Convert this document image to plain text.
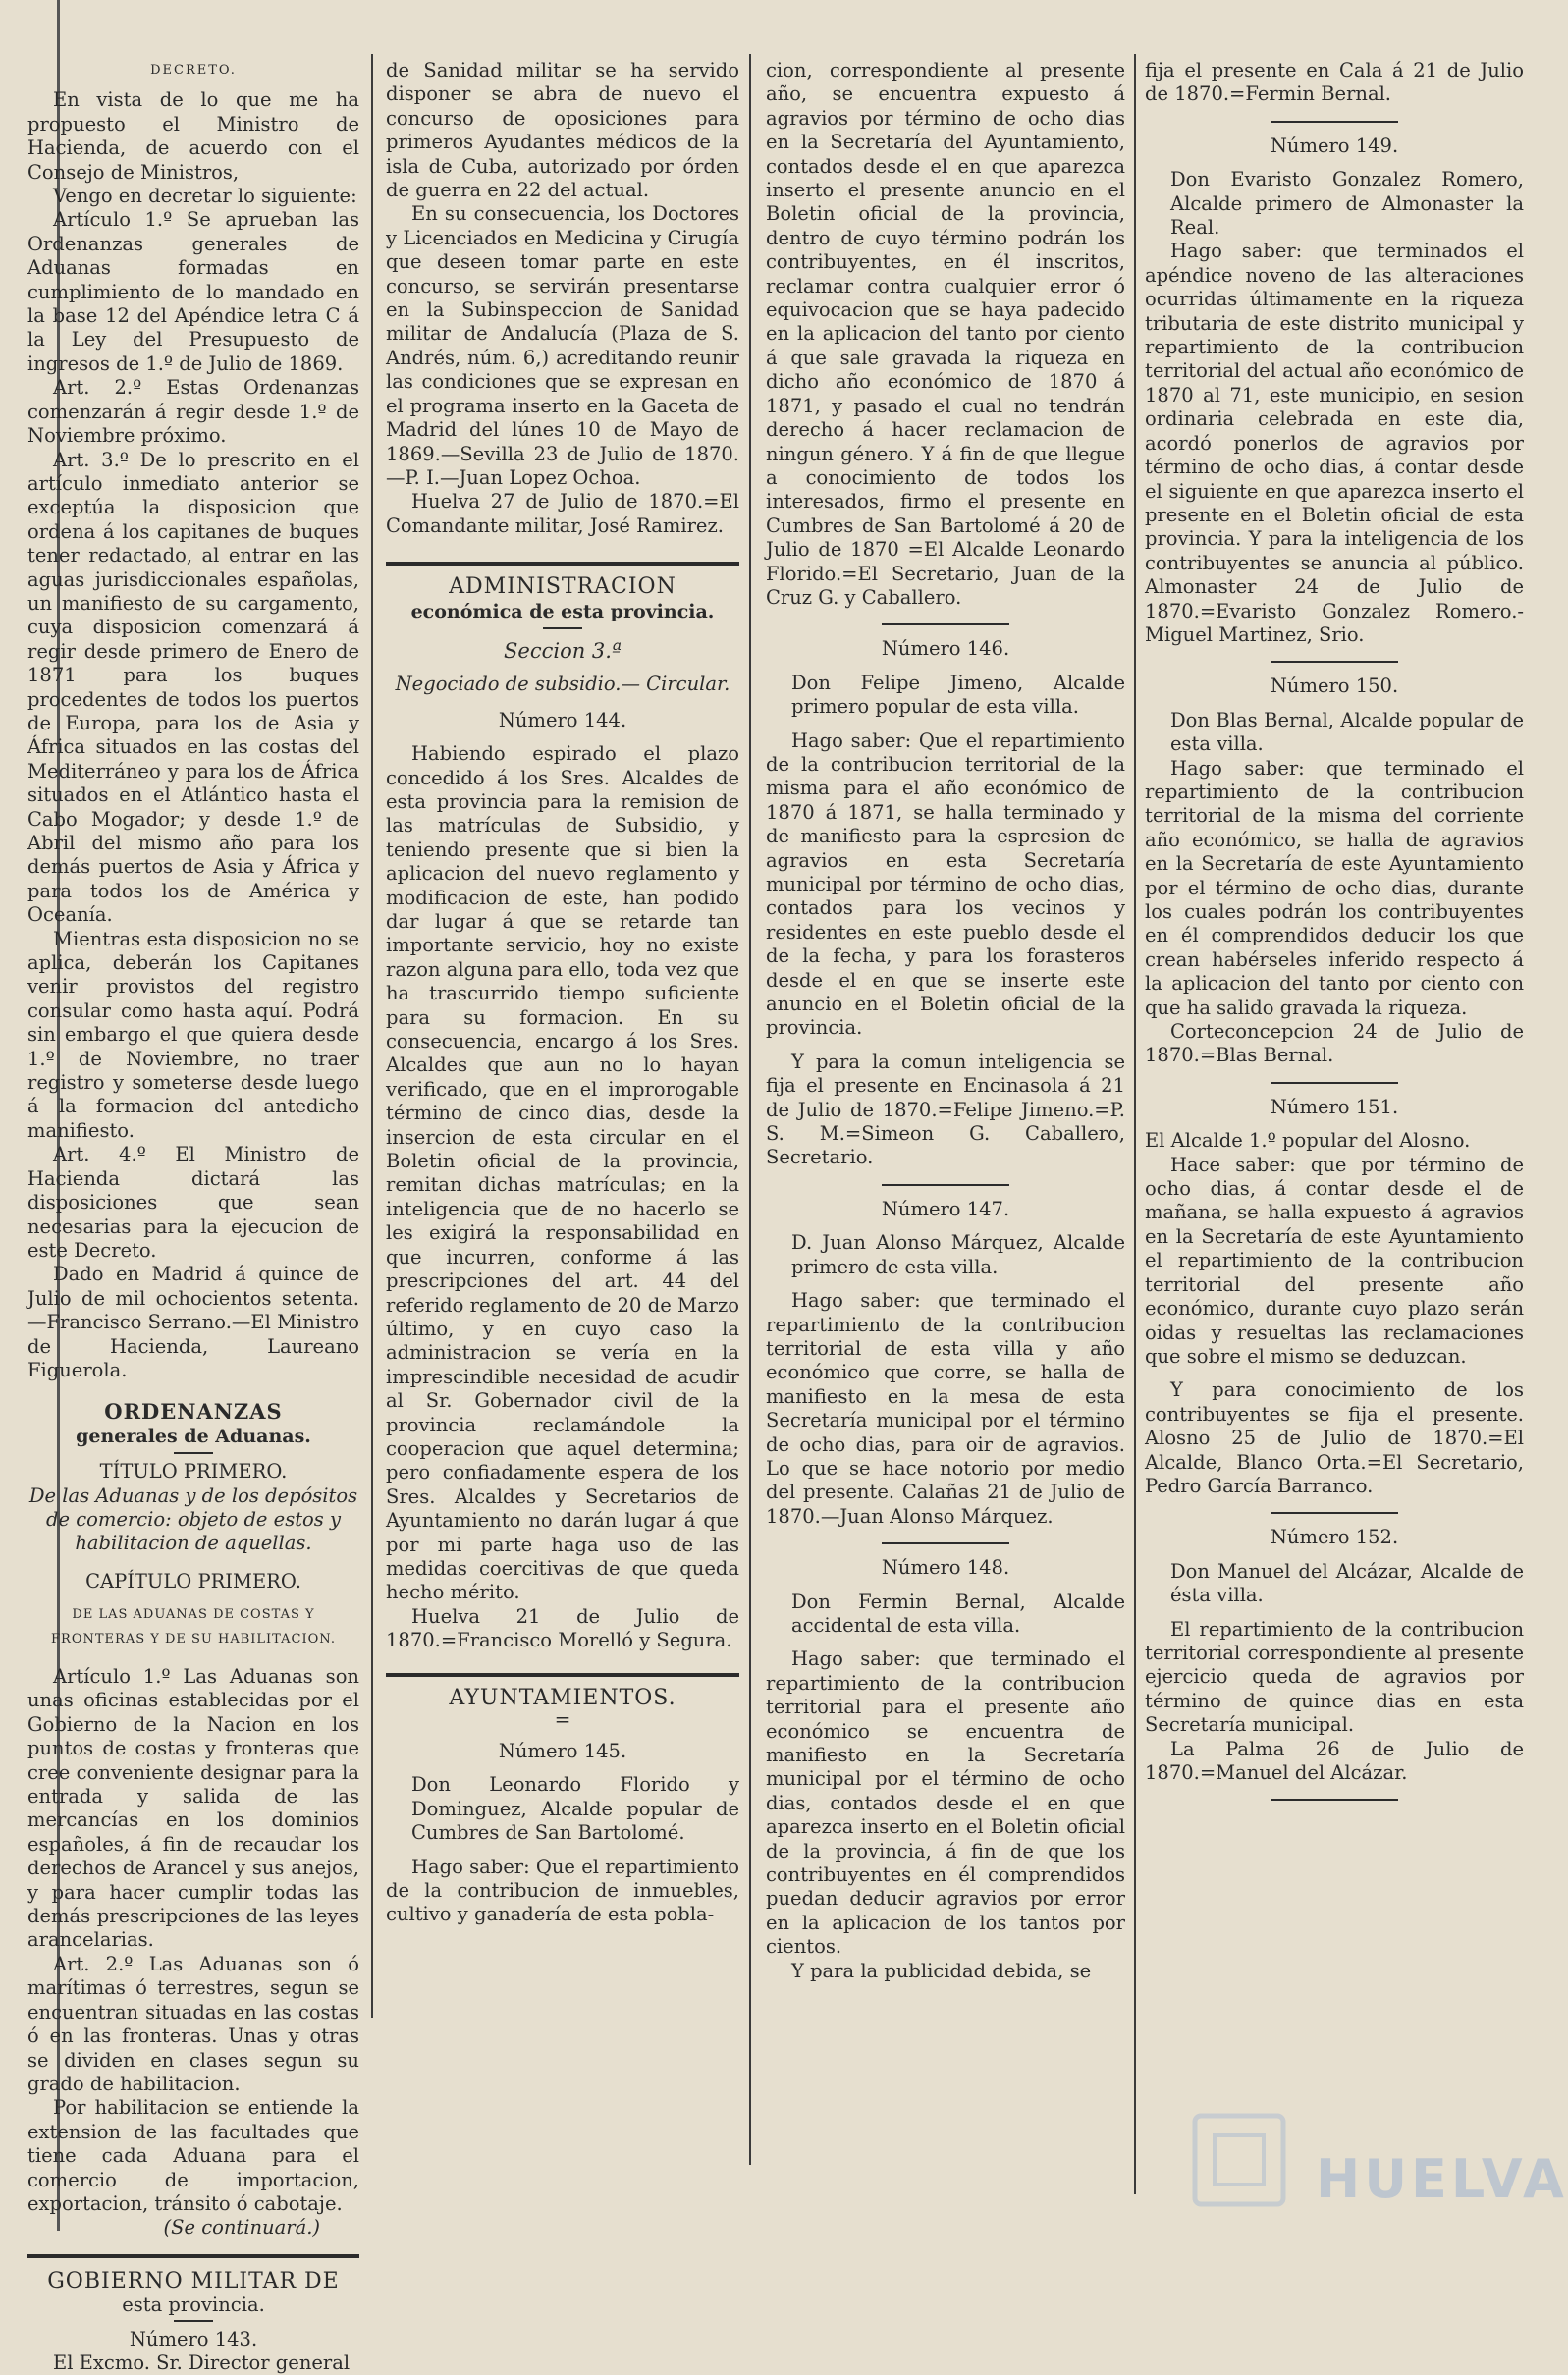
DECRETO.

En vista de lo que me ha propuesto el Ministro de Hacienda, de acuerdo con el Consejo de Ministros,

Vengo en decretar lo siguiente:

Artículo 1.º Se aprueban las Ordenanzas generales de Aduanas formadas en cumplimiento de lo mandado en la base 12 del Apéndice letra C á la Ley del Presupuesto de ingresos de 1.º de Julio de 1869.

Art. 2.º Estas Ordenanzas comenzarán á regir desde 1.º de Noviembre próximo.

Art. 3.º De lo prescrito en el artículo inmediato anterior se exceptúa la disposicion que ordena á los capitanes de buques tener redactado, al entrar en las aguas jurisdiccionales españolas, un manifiesto de su cargamento, cuya disposicion comenzará á regir desde primero de Enero de 1871 para los buques procedentes de todos los puertos de Europa, para los de Asia y África situados en las costas del Mediterráneo y para los de África situados en el Atlántico hasta el Cabo Mogador; y desde 1.º de Abril del mismo año para los demás puertos de Asia y África y para todos los de América y Oceanía.

Mientras esta disposicion no se aplica, deberán los Capitanes venir provistos del registro consular como hasta aquí. Podrá sin embargo el que quiera desde 1.º de Noviembre, no traer registro y someterse desde luego á la formacion del antedicho manifiesto.

Art. 4.º El Ministro de Hacienda dictará las disposiciones que sean necesarias para la ejecucion de este Decreto.

Dado en Madrid á quince de Julio de mil ochocientos setenta.—Francisco Serrano.—El Ministro de Hacienda, Laureano Figuerola.

ORDENANZAS
generales de Aduanas.
TÍTULO PRIMERO.
De las Aduanas y de los depósitos de comercio: objeto de estos y habilitacion de aquellas.
CAPÍTULO PRIMERO.
DE LAS ADUANAS DE COSTAS Y FRONTERAS Y DE SU HABILITACION.

Artículo 1.º Las Aduanas son unas oficinas establecidas por el Gobierno de la Nacion en los puntos de costas y fronteras que cree conveniente designar para la entrada y salida de las mercancías en los dominios españoles, á fin de recaudar los derechos de Arancel y sus anejos, y para hacer cumplir todas las demás prescripciones de las leyes arancelarias.

Art. 2.º Las Aduanas son ó marítimas ó terrestres, segun se encuentran situadas en las costas ó en las fronteras. Unas y otras se dividen en clases segun su grado de habilitacion.

Por habilitacion se entiende la extension de las facultades que tiene cada Aduana para el comercio de importacion, exportacion, tránsito ó cabotaje.

(Se continuará.)
GOBIERNO MILITAR DE
esta provincia.
Número 143.

El Excmo. Sr. Director general

de Sanidad militar se ha servido disponer se abra de nuevo el concurso de oposiciones para primeros Ayudantes médicos de la isla de Cuba, autorizado por órden de guerra en 22 del actual.

En su consecuencia, los Doctores y Licenciados en Medicina y Cirugía que deseen tomar parte en este concurso, se servirán presentarse en la Subinspeccion de Sanidad militar de Andalucía (Plaza de S. Andrés, núm. 6,) acreditando reunir las condiciones que se expresan en el programa inserto en la Gaceta de Madrid del lúnes 10 de Mayo de 1869.—Sevilla 23 de Julio de 1870.—P. I.—Juan Lopez Ochoa.

Huelva 27 de Julio de 1870.=El Comandante militar, José Ramirez.

ADMINISTRACION
económica de esta provincia.
Seccion 3.ª
Negociado de subsidio.— Circular.
Número 144.

Habiendo espirado el plazo concedido á los Sres. Alcaldes de esta provincia para la remision de las matrículas de Subsidio, y teniendo presente que si bien la aplicacion del nuevo reglamento y modificacion de este, han podido dar lugar á que se retarde tan importante servicio, hoy no existe razon alguna para ello, toda vez que ha trascurrido tiempo suficiente para su formacion. En su consecuencia, encargo á los Sres. Alcaldes que aun no lo hayan verificado, que en el improrogable término de cinco dias, desde la insercion de esta circular en el Boletin oficial de la provincia, remitan dichas matrículas; en la inteligencia que de no hacerlo se les exigirá la responsabilidad en que incurren, conforme á las prescripciones del art. 44 del referido reglamento de 20 de Marzo último, y en cuyo caso la administracion se vería en la imprescindible necesidad de acudir al Sr. Gobernador civil de la provincia reclamándole la cooperacion que aquel determina; pero confiadamente espera de los Sres. Alcaldes y Secretarios de Ayuntamiento no darán lugar á que por mi parte haga uso de las medidas coercitivas de que queda hecho mérito.

Huelva 21 de Julio de 1870.=Francisco Morelló y Segura.

AYUNTAMIENTOS.
=
Número 145.

Don Leonardo Florido y Dominguez, Alcalde popular de Cumbres de San Bartolomé.

Hago saber: Que el repartimiento de la contribucion de inmuebles, cultivo y ganadería de esta pobla-

cion, correspondiente al presente año, se encuentra expuesto á agravios por término de ocho dias en la Secretaría del Ayuntamiento, contados desde el en que aparezca inserto el presente anuncio en el Boletin oficial de la provincia, dentro de cuyo término podrán los contribuyentes, en él inscritos, reclamar contra cualquier error ó equivocacion que se haya padecido en la aplicacion del tanto por ciento á que sale gravada la riqueza en dicho año económico de 1870 á 1871, y pasado el cual no tendrán derecho á hacer reclamacion de ningun género. Y á fin de que llegue a conocimiento de todos los interesados, firmo el presente en Cumbres de San Bartolomé á 20 de Julio de 1870 =El Alcalde Leonardo Florido.=El Secretario, Juan de la Cruz G. y Caballero.

Número 146.

Don Felipe Jimeno, Alcalde primero popular de esta villa.

Hago saber: Que el repartimiento de la contribucion territorial de la misma para el año económico de 1870 á 1871, se halla terminado y de manifiesto para la espresion de agravios en esta Secretaría municipal por término de ocho dias, contados para los vecinos y residentes en este pueblo desde el de la fecha, y para los forasteros desde el en que se inserte este anuncio en el Boletin oficial de la provincia.

Y para la comun inteligencia se fija el presente en Encinasola á 21 de Julio de 1870.=Felipe Jimeno.=P. S. M.=Simeon G. Caballero, Secretario.

Número 147.

D. Juan Alonso Márquez, Alcalde primero de esta villa.

Hago saber: que terminado el repartimiento de la contribucion territorial de esta villa y año económico que corre, se halla de manifiesto en la mesa de esta Secretaría municipal por el término de ocho dias, para oir de agravios. Lo que se hace notorio por medio del presente. Calañas 21 de Julio de 1870.—Juan Alonso Márquez.

Número 148.

Don Fermin Bernal, Alcalde accidental de esta villa.

Hago saber: que terminado el repartimiento de la contribucion territorial para el presente año económico se encuentra de manifiesto en la Secretaría municipal por el término de ocho dias, contados desde el en que aparezca inserto en el Boletin oficial de la provincia, á fin de que los contribuyentes en él comprendidos puedan deducir agravios por error en la aplicacion de los tantos por cientos.

Y para la publicidad debida, se

fija el presente en Cala á 21 de Julio de 1870.=Fermin Bernal.

Número 149.

Don Evaristo Gonzalez Romero, Alcalde primero de Almonaster la Real.

Hago saber: que terminados el apéndice noveno de las alteraciones ocurridas últimamente en la riqueza tributaria de este distrito municipal y repartimiento de la contribucion territorial del actual año económico de 1870 al 71, este municipio, en sesion ordinaria celebrada en este dia, acordó ponerlos de agravios por término de ocho dias, á contar desde el siguiente en que aparezca inserto el presente en el Boletin oficial de esta provincia. Y para la inteligencia de los contribuyentes se anuncia al público. Almonaster 24 de Julio de 1870.=Evaristo Gonzalez Romero.-Miguel Martinez, Srio.

Número 150.

Don Blas Bernal, Alcalde popular de esta villa.

Hago saber: que terminado el repartimiento de la contribucion territorial de la misma del corriente año económico, se halla de agravios en la Secretaría de este Ayuntamiento por el término de ocho dias, durante los cuales podrán los contribuyentes en él comprendidos deducir los que crean habérseles inferido respecto á la aplicacion del tanto por ciento con que ha salido gravada la riqueza.

Corteconcepcion 24 de Julio de 1870.=Blas Bernal.

Número 151.

El Alcalde 1.º popular del Alosno.

Hace saber: que por término de ocho dias, á contar desde el de mañana, se halla expuesto á agravios en la Secretaría de este Ayuntamiento el repartimiento de la contribucion territorial del presente año económico, durante cuyo plazo serán oidas y resueltas las reclamaciones que sobre el mismo se deduzcan.

Y para conocimiento de los contribuyentes se fija el presente. Alosno 25 de Julio de 1870.=El Alcalde, Blanco Orta.=El Secretario, Pedro García Barranco.

Número 152.

Don Manuel del Alcázar, Alcalde de ésta villa.

El repartimiento de la contribucion territorial correspondiente al presente ejercicio queda de agravios por término de quince dias en esta Secretaría municipal.

La Palma 26 de Julio de 1870.=Manuel del Alcázar.

HUELVA
